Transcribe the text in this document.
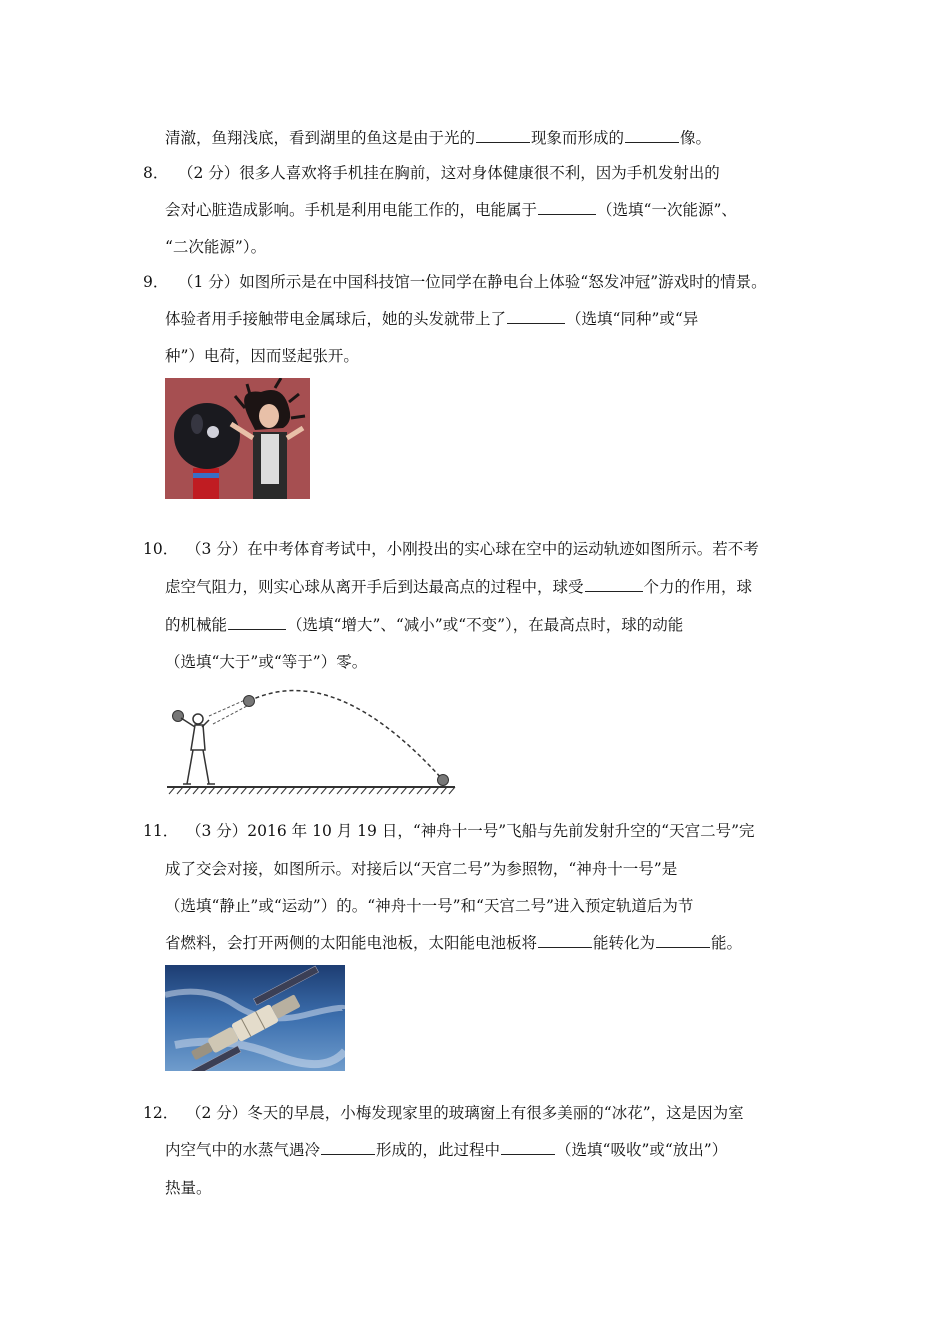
清澈，鱼翔浅底，看到湖里的鱼这是由于光的	现象而形成的	像。
8． （2 分）很多人喜欢将手机挂在胸前，这对身体健康很不利，因为手机发射出的
会对心脏造成影响。手机是利用电能工作的，电能属于	（选填“一次能源”、
“二次能源”）。
9． （1 分）如图所示是在中国科技馆一位同学在静电台上体验“怒发冲冠”游戏时的情景。
体验者用手接触带电金属球后，她的头发就带上了	（选填“同种”或“异
种”）电荷，因而竖起张开。
10． （3 分）在中考体育考试中，小刚投出的实心球在空中的运动轨迹如图所示。若不考
虑空气阻力，则实心球从离开手后到达最高点的过程中，球受	个力的作用，球
的机械能	（选填“增大”、“减小”或“不变”），在最高点时，球的动能
（选填“大于”或“等于”）零。
11． （3 分）2016 年 10 月 19 日，“神舟十一号”飞船与先前发射升空的“天宫二号”完
成了交会对接，如图所示。对接后以“天宫二号”为参照物，“神舟十一号”是
（选填“静止”或“运动”）的。“神舟十一号”和“天宫二号”进入预定轨道后为节
省燃料，会打开两侧的太阳能电池板，太阳能电池板将	能转化为	能。
12． （2 分）冬天的早晨，小梅发现家里的玻璃窗上有很多美丽的“冰花”，这是因为室
内空气中的水蒸气遇冷	形成的，此过程中	（选填“吸收”或“放出”）
热量。
